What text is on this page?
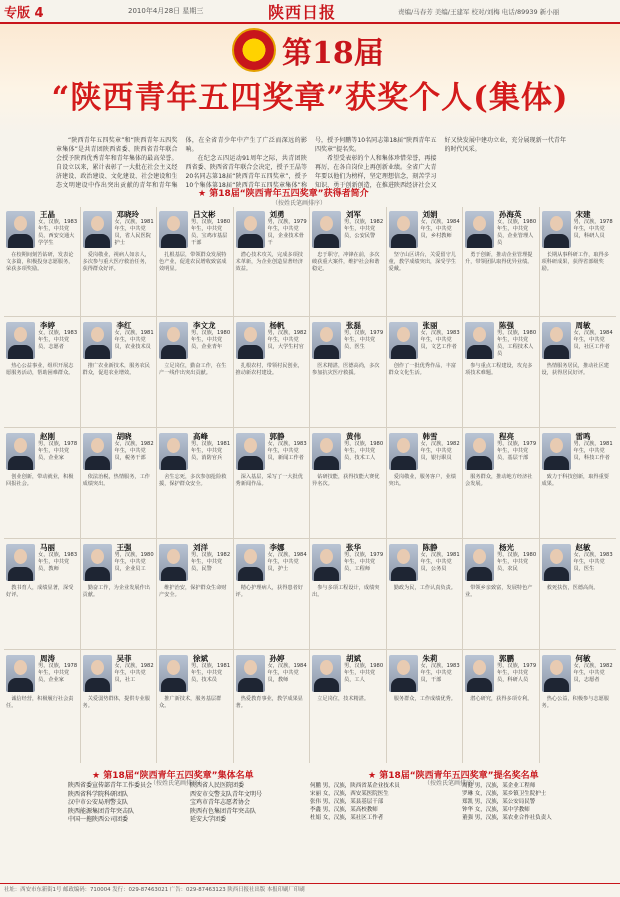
专版 4	2010年4月28日 星期三	陕西日报	责编/马春芳 美编/王建军 校对/刘梅 电话/89939 新小丽
第18届
“陕西青年五四奖章”获奖个人(集体)

“陕西青年五四奖章”和“陕西青年五四奖章集体”是共青团陕西省委、陕西省青年联合会授予陕西优秀青年和青年集体的最高荣誉。自设立以来，累计表彰了一大批在社会主义经济建设、政治建设、文化建设、社会建设和生态文明建设中作出突出贡献的青年和青年集体，在全省青少年中产生了广泛而深远的影响。

在纪念五四运动91周年之际，共青团陕西省委、陕西省青年联合会决定，授予王晶等20名同志第18届“陕西青年五四奖章”，授予10个集体第18届“陕西青年五四奖章集体”称号，授予何鹏等10名同志第18届“陕西青年五四奖章”提名奖。

希望受表彰的个人和集体珍惜荣誉，再接再厉，在各自岗位上再创新业绩。全省广大青年要以他们为榜样，坚定理想信念，刻苦学习知识，勇于创新创造，在推进陕西经济社会又好又快发展中建功立业，充分展现新一代青年的时代风采。

★ 第18届“陕西青年五四奖章”获得者简介
（按姓氏笔画排序）
王晶
女，汉族，1983年生，中共党员，西安交通大学学生
在校期间刻苦钻研，发表论文多篇，积极投身志愿服务，荣获多项奖励。
邓晓玲
女，汉族，1981年生，中共党员，省人民医院护士
爱岗敬业，视病人如亲人，多次参与重大医疗救治任务，获得群众好评。
吕文彬
男，汉族，1980年生，中共党员，宝鸡市基层干部
扎根基层，带领群众发展特色产业，促进农民增收致富成效明显。
刘勇
男，汉族，1979年生，中共党员，企业技术骨干
潜心技术攻关，完成多项技术革新，为企业创造显著经济效益。
刘军
男，汉族，1982年生，中共党员，公安民警
忠于职守，冲锋在前，多次破获重大案件，维护社会和谐稳定。
刘娟
女，汉族，1984年生，中共党员，乡村教师
坚守山区讲台，关爱留守儿童，教学成绩突出，深受学生爱戴。
孙海英
女，汉族，1980年生，中共党员，企业管理人员
勇于创新，推动企业管理提升，带领团队取得优异业绩。
宋建
男，汉族，1978年生，中共党员，科研人员
长期从事科研工作，取得多项科研成果，获得省部级奖励。
李婷
女，汉族，1983年生，中共党员，志愿者
热心公益事业，组织开展志愿服务活动，帮助困难群众。
李红
女，汉族，1981年生，中共党员，农业技术员
推广农业新技术，服务农民群众，促进农业增效。
李文龙
男，汉族，1980年生，中共党员，企业青年
立足岗位，勤奋工作，在生产一线作出突出贡献。
杨帆
男，汉族，1982年生，中共党员，大学生村官
扎根农村，带领村民创业，推动新农村建设。
张磊
男，汉族，1979年生，中共党员，医生
医术精湛，医德高尚，多次参加抗灾医疗救援。
张丽
女，汉族，1983年生，中共党员，文艺工作者
创作了一批优秀作品，丰富群众文化生活。
陈强
男，汉族，1980年生，中共党员，工程技术人员
参与重点工程建设，攻克多项技术难题。
周敏
女，汉族，1984年生，中共党员，社区工作者
热情服务居民，推动社区建设，获得居民好评。
赵刚
男，汉族，1978年生，中共党员，企业家
创业创新，带动就业，积极回报社会。
胡晓
女，汉族，1982年生，中共党员，税务干部
依法治税，热情服务，工作成绩突出。
高峰
男，汉族，1981年生，中共党员，消防官兵
舍生忘死，多次参加抢险救援，保护群众安全。
郭静
女，汉族，1983年生，中共党员，新闻工作者
深入基层，采写了一大批优秀新闻作品。
黄伟
男，汉族，1980年生，中共党员，技术工人
钻研技能，获得技能大赛优异名次。
韩雪
女，汉族，1982年生，中共党员，银行职员
爱岗敬业，服务客户，业绩突出。
程亮
男，汉族，1979年生，中共党员，基层干部
服务群众，推动地方经济社会发展。
雷鸣
男，汉族，1981年生，中共党员，科技工作者
致力于科技创新，取得重要成果。
马丽
女，汉族，1983年生，中共党员，教师
教书育人，成绩显著，深受好评。
王强
男，汉族，1980年生，中共党员，企业员工
勤奋工作，为企业发展作出贡献。
刘洋
男，汉族，1982年生，中共党员，民警
维护治安，保护群众生命财产安全。
李娜
女，汉族，1984年生，中共党员，护士
精心护理病人，获得患者好评。
张华
男，汉族，1979年生，中共党员，工程师
参与多项工程设计，成绩突出。
陈静
女，汉族，1981年生，中共党员，公务员
勤政为民，工作认真负责。
杨光
男，汉族，1980年生，中共党员，农民
带领乡亲致富，发展特色产业。
赵敏
女，汉族，1983年生，中共党员，医生
救死扶伤，医德高尚。
周涛
男，汉族，1978年生，中共党员，企业家
诚信经营，积极履行社会责任。
吴菲
女，汉族，1982年生，中共党员，社工
关爱弱势群体，提供专业服务。
徐斌
男，汉族，1981年生，中共党员，技术员
推广新技术，服务基层群众。
孙婷
女，汉族，1984年生，中共党员，教师
热爱教育事业，教学成果显著。
胡斌
男，汉族，1980年生，中共党员，工人
立足岗位，技术精湛。
朱莉
女，汉族，1983年生，中共党员，干部
服务群众，工作成绩优秀。
郭鹏
男，汉族，1979年生，中共党员，科研人员
潜心研究，获得多项专利。
何敏
女，汉族，1982年生，中共党员，志愿者
热心公益，积极参与志愿服务。
★ 第18届“陕西青年五四奖章”集体名单
（按姓氏笔画排序）
★ 第18届“陕西青年五四奖章”提名奖名单
（按姓氏笔画排序）
陕西省委宣传部青年工作委员会
陕西省科学院科研团队
汉中市公安局刑警支队
陕西能源集团青年突击队
中国一拖陕西公司团委
陕西省人民医院团委
西安市交警支队青年文明号
宝鸡市青年志愿者协会
陕西有色集团青年突击队
延安大学团委
何鹏 男，汉族，陕西省某企业技术员
宋丽 女，汉族，西安某医院医生
张伟 男，汉族，某县基层干部
李鑫 男，汉族，某高校教师
杜娟 女，汉族，某社区工作者
周健 男，汉族，某企业工程师
罗琳 女，汉族，某乡镇卫生院护士
郑凯 男，汉族，某公安局民警
钟华 女，汉族，某中学教师
董强 男，汉族，某农业合作社负责人
社址：西安市东新街1号 邮政编码：710004 发行：029-87463021 广告：029-87463123 陕西日报社出版 本报印刷厂印刷
